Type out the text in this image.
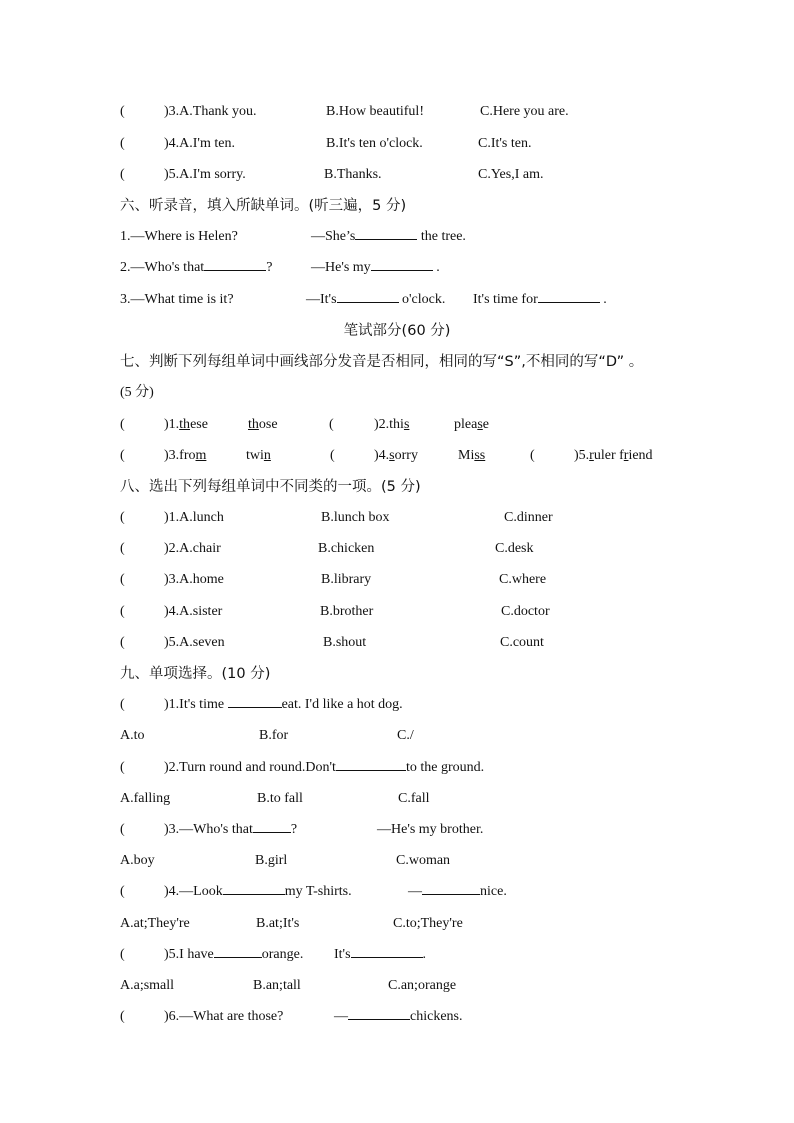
(	)3.A.Thank you.	B.How beautiful!	C.Here you are.
(	)4.A.I'm ten.	B.It's ten o'clock.	C.It's ten.
(	)5.A.I'm sorry.	B.Thanks.	C.Yes,I am.
六、听录音，填入所缺单词。(听三遍，5 分)
1.—Where is Helen?	—She’s	the tree.
2.—Who's that	?	—He's my	.
3.—What time is it?	—It's	o'clock. It's time for	.
笔试部分(60 分)
七、判断下列每组单词中画线部分发音是否相同，相同的写“S”,不相同的写“D” 。
(5 分)
(	)1.these	those	(	)2.this	please
(	)3.from	twin	(	)4.sorry	Miss	(	)5.ruler friend
八、选出下列每组单词中不同类的一项。(5 分)
(	)1.A.lunch	B.lunch box	C.dinner
(	)2.A.chair	B.chicken	C.desk
(	)3.A.home	B.library	C.where
(	)4.A.sister	B.brother	C.doctor
(	)5.A.seven	B.shout	C.count
九、单项选择。(10 分)
(	)1.It's time	eat. I'd like a hot dog.
A.to	B.for	C./
(	)2.Turn round and round.Don't	to the ground.
A.falling	B.to fall	C.fall
(	)3.—Who's that	?	—He's my brother.
A.boy	B.girl	C.woman
(	)4.—Look	my T-shirts.	—	nice.
A.at;They're	B.at;It's	C.to;They're
(	)5.I have	orange. It's	.
A.a;small	B.an;tall	C.an;orange
(	)6.—What are those?	—	chickens.
